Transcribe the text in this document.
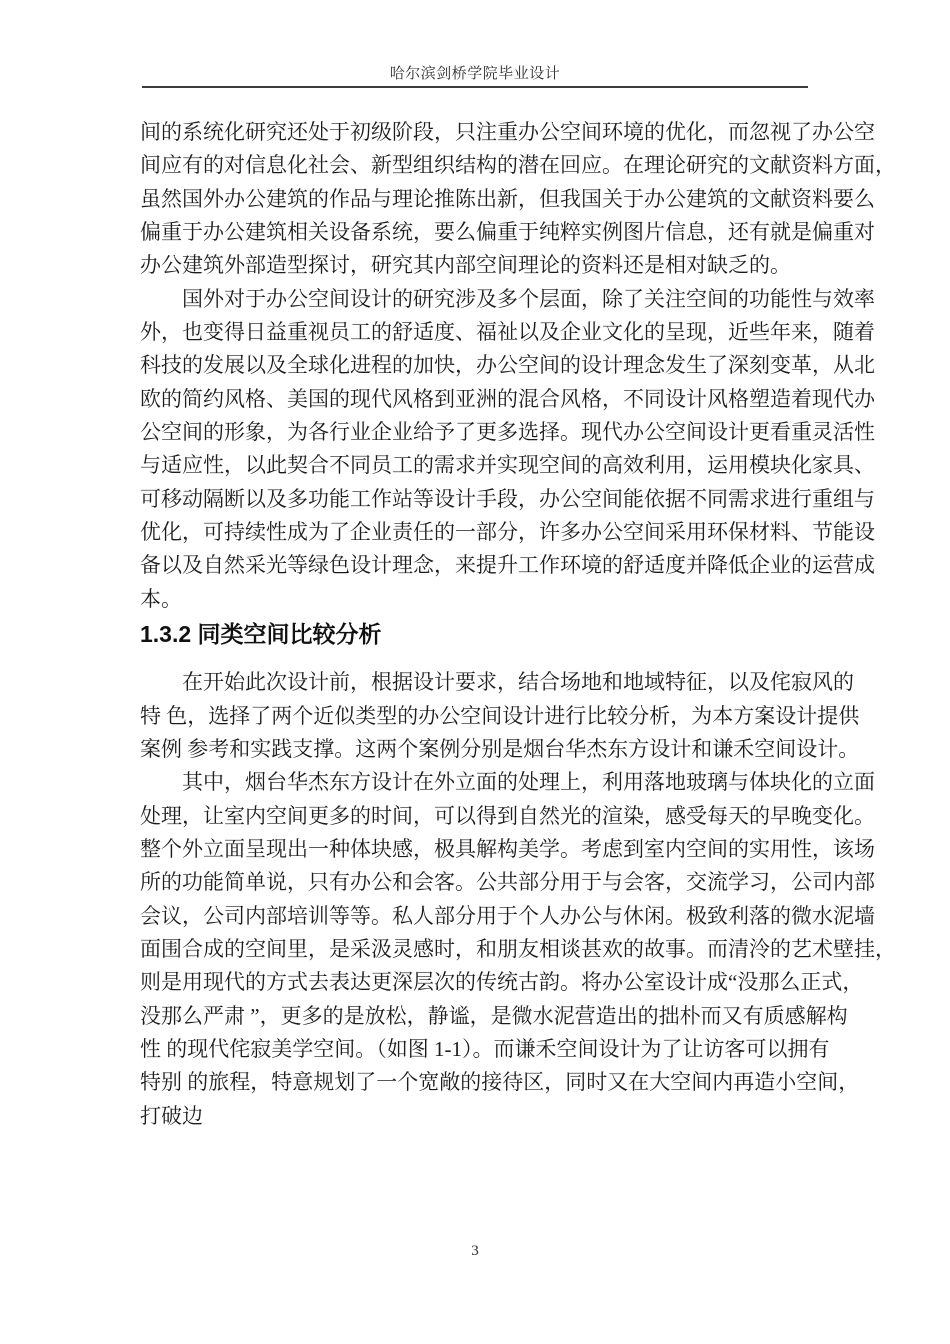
哈尔滨剑桥学院毕业设计
间的系统化研究还处于初级阶段，只注重办公空间环境的优化，而忽视了办公空
间应有的对信息化社会、新型组织结构的潜在回应。在理论研究的文献资料方面，
虽然国外办公建筑的作品与理论推陈出新，但我国关于办公建筑的文献资料要么
偏重于办公建筑相关设备系统，要么偏重于纯粹实例图片信息，还有就是偏重对
办公建筑外部造型探讨，研究其内部空间理论的资料还是相对缺乏的。
　　国外对于办公空间设计的研究涉及多个层面，除了关注空间的功能性与效率
外，也变得日益重视员工的舒适度、福祉以及企业文化的呈现，近些年来，随着
科技的发展以及全球化进程的加快，办公空间的设计理念发生了深刻变革，从北
欧的简约风格、美国的现代风格到亚洲的混合风格，不同设计风格塑造着现代办
公空间的形象，为各行业企业给予了更多选择。现代办公空间设计更看重灵活性
与适应性，以此契合不同员工的需求并实现空间的高效利用，运用模块化家具、
可移动隔断以及多功能工作站等设计手段，办公空间能依据不同需求进行重组与
优化，可持续性成为了企业责任的一部分，许多办公空间采用环保材料、节能设
备以及自然采光等绿色设计理念，来提升工作环境的舒适度并降低企业的运营成
本。
1.3.2 同类空间比较分析
　　在开始此次设计前，根据设计要求，结合场地和地域特征，以及侘寂风的
特 色，选择了两个近似类型的办公空间设计进行比较分析，为本方案设计提供
案例 参考和实践支撑。这两个案例分别是烟台华杰东方设计和谦禾空间设计。
　　其中，烟台华杰东方设计在外立面的处理上，利用落地玻璃与体块化的立面
处理，让室内空间更多的时间，可以得到自然光的渲染，感受每天的早晚变化。
整个外立面呈现出一种体块感，极具解构美学。考虑到室内空间的实用性，该场
所的功能简单说，只有办公和会客。公共部分用于与会客，交流学习，公司内部
会议，公司内部培训等等。私人部分用于个人办公与休闲。极致利落的微水泥墙
面围合成的空间里，是采汲灵感时，和朋友相谈甚欢的故事。而清泠的艺术壁挂，
则是用现代的方式去表达更深层次的传统古韵。将办公室设计成“没那么正式，
没那么严肃 ”，更多的是放松，静谧，是微水泥营造出的拙朴而又有质感解构
性 的现代侘寂美学空间。（如图 1-1）。而谦禾空间设计为了让访客可以拥有
特别 的旅程，特意规划了一个宽敞的接待区，同时又在大空间内再造小空间，
打破边
3
